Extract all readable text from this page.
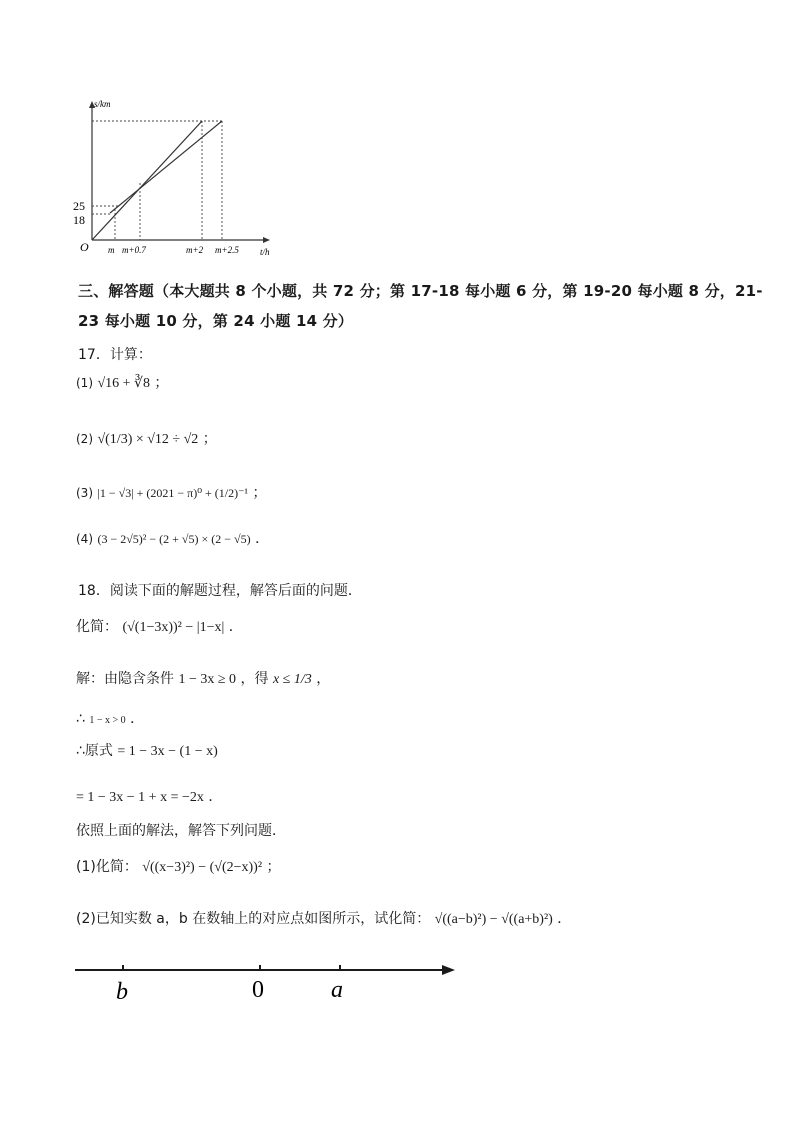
s/km
t/h
O
25
18
m m+0.7	m+2 m+2.5
三、解答题（本大题共 8 个小题，共 72 分；第 17-18 每小题 6 分，第 19-20 每小题 8 分，21-
23 每小题 10 分，第 24 小题 14 分）
17．计算：
(1) √16 + ∛8 ；
(2) √(1/3) × √12 ÷ √2 ；
(3) |1 − √3| + (2021 − π)⁰ + (1/2)⁻¹ ；
(4) (3 − 2√5)² − (2 + √5) × (2 − √5) ．
18．阅读下面的解题过程，解答后面的问题．
化简： (√(1−3x))² − |1−x| ．
解：由隐含条件 1 − 3x ≥ 0 ，得 x ≤ 1/3 ，
∴ 1 − x > 0 ．
∴原式 = 1 − 3x − (1 − x)
= 1 − 3x − 1 + x = −2x ．
依照上面的解法，解答下列问题．
(1)化简： √((x−3)²) − (√(2−x))² ；
(2)已知实数 a，b 在数轴上的对应点如图所示，试化简： √((a−b)²) − √((a+b)²) ．
b	0	a
